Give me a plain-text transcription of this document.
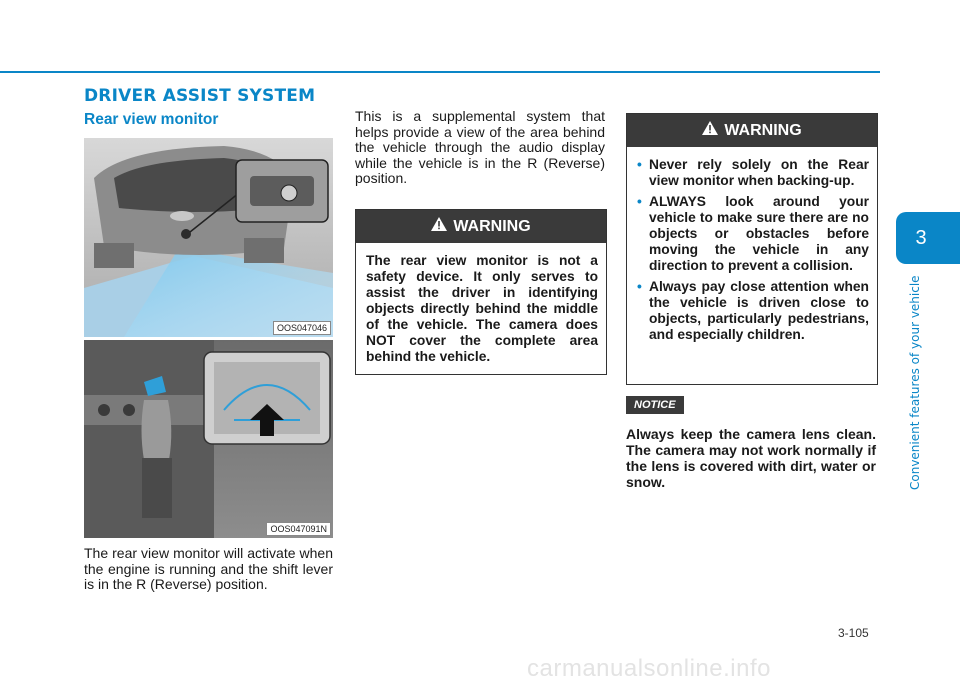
DRIVER ASSIST SYSTEM
Rear view monitor
OOS047046
OOS047091N

The rear view monitor will activate when the engine is running and the shift lever is in the R (Reverse) position.

This is a supplemental system that helps provide a view of the area behind the vehicle through the audio display while the vehicle is in the R (Reverse) position.

WARNING
The rear view monitor is not a safety device. It only serves to assist the driver in identifying objects directly behind the middle of the vehicle. The camera does NOT cover the complete area behind the vehicle.
WARNING
• Never rely solely on the Rear view monitor when backing-up.
• ALWAYS look around your vehicle to make sure there are no objects or obstacles before moving the vehicle in any direction to prevent a collision.
• Always pay close attention when the vehicle is driven close to objects, particularly pedestrians, and especially children.
NOTICE

Always keep the camera lens clean. The camera may not work normally if the lens is covered with dirt, water or snow.

3
Convenient features of your vehicle
3-105
carmanualsonline.info
